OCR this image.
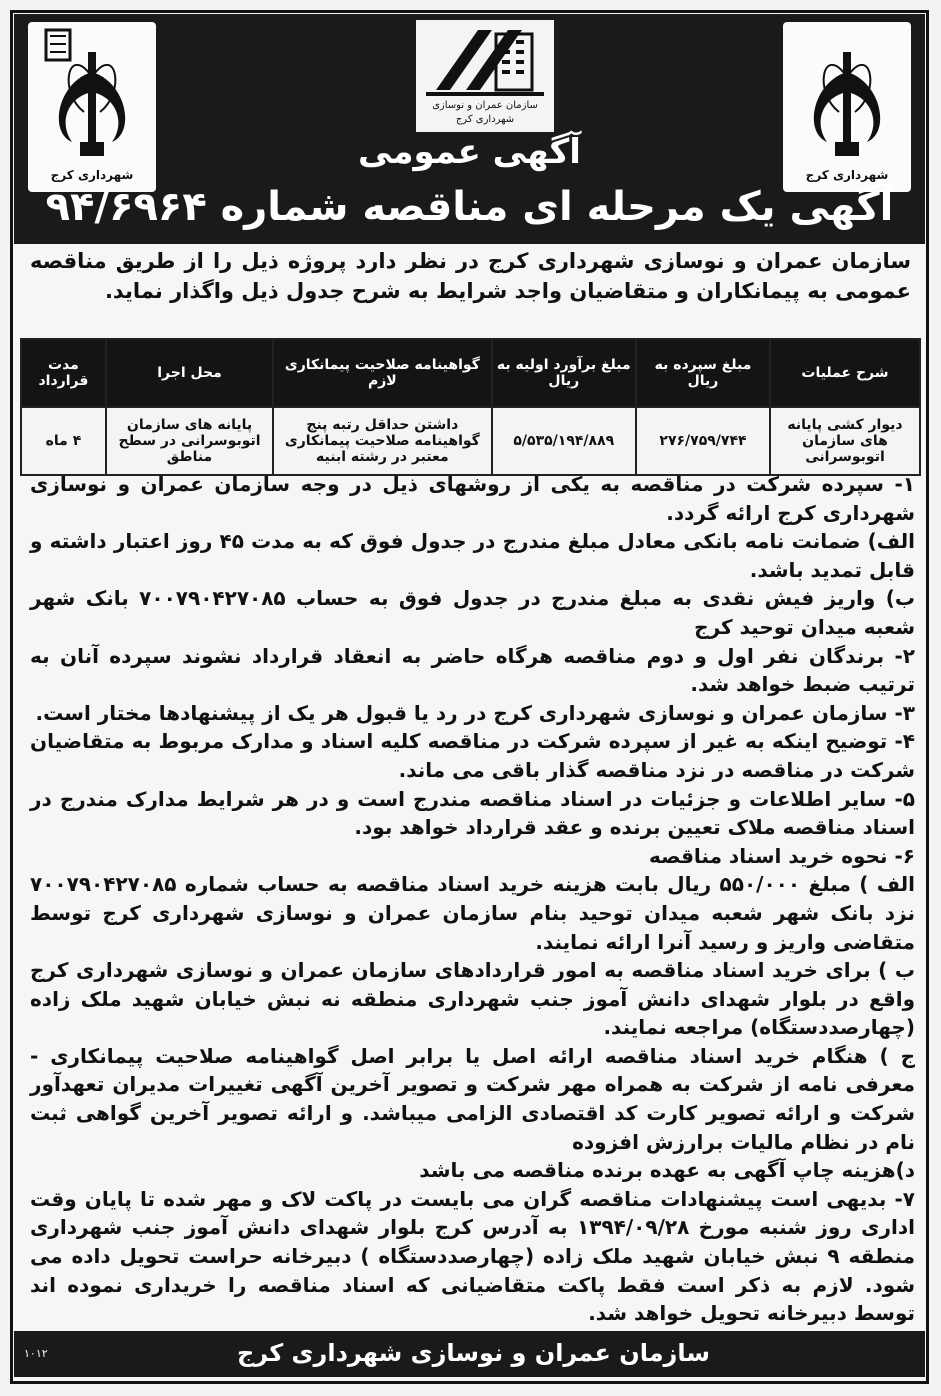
شهرداری کرج
سازمان عمران و نوسازی
شهرداری کرج
شهرداری کرج
آگهی عمومی
آگهی یک مرحله ای مناقصه شماره ۹۴/۶۹۶۴
سازمان عمران و نوسازی شهرداری کرج در نظر دارد پروژه ذیل را از طریق مناقصه عمومی به پیمانکاران و متقاضیان واجد شرایط به شرح جدول ذیل واگذار نماید.
شرح عملیات	مبلغ سپرده به ریال	مبلغ برآورد اولیه به ریال	گواهینامه صلاحیت پیمانکاری لازم	محل اجرا	مدت قرارداد
دیوار کشی پایانه های سازمان اتوبوسرانی	۲۷۶/۷۵۹/۷۴۴	۵/۵۳۵/۱۹۴/۸۸۹	داشتن حداقل رتبه پنج گواهینامه صلاحیت پیمانکاری معتبر در رشته ابنیه	پایانه های سازمان اتوبوسرانی در سطح مناطق	۴ ماه

۱- سپرده شرکت در مناقصه به یکی از روشهای ذیل در وجه سازمان عمران و نوسازی شهرداری کرج ارائه گردد.

الف) ضمانت نامه بانکی معادل مبلغ مندرج در جدول فوق که به مدت ۴۵ روز اعتبار داشته و قابل تمدید باشد.

ب) واریز فیش نقدی به مبلغ مندرج در جدول فوق به حساب ۷۰۰۷۹۰۴۲۷۰۸۵ بانک شهر شعبه میدان توحید کرج

۲- برندگان نفر اول و دوم مناقصه هرگاه حاضر به انعقاد قرارداد نشوند سپرده آنان به ترتیب ضبط خواهد شد.

۳- سازمان عمران و نوسازی شهرداری کرج در رد یا قبول هر یک از پیشنهادها مختار است.

۴- توضیح اینکه به غیر از سپرده شرکت در مناقصه کلیه اسناد و مدارک مربوط به متقاضیان شرکت در مناقصه در نزد مناقصه گذار باقی می ماند.

۵- سایر اطلاعات و جزئیات در اسناد مناقصه مندرج است و در هر شرایط مدارک مندرج در اسناد مناقصه ملاک تعیین برنده و عقد قرارداد خواهد بود.

۶- نحوه خرید اسناد مناقصه

الف ) مبلغ ۵۵۰/۰۰۰ ریال بابت هزینه خرید اسناد مناقصه به حساب شماره ۷۰۰۷۹۰۴۲۷۰۸۵ نزد بانک شهر شعبه میدان توحید بنام سازمان عمران و نوسازی شهرداری کرج توسط متقاضی واریز و رسید آنرا ارائه نمایند.

ب ) برای خرید اسناد مناقصه به امور قراردادهای سازمان عمران و نوسازی شهرداری کرج واقع در بلوار شهدای دانش آموز جنب شهرداری منطقه نه نبش خیابان شهید ملک زاده (چهارصددستگاه) مراجعه نمایند.

ج ) هنگام خرید اسناد مناقصه ارائه اصل یا برابر اصل گواهینامه صلاحیت پیمانکاری - معرفی نامه از شرکت به همراه مهر شرکت و تصویر آخرین آگهی تغییرات مدیران تعهدآور شرکت و ارائه تصویر کارت کد اقتصادی الزامی میباشد. و ارائه تصویر آخرین گواهی ثبت نام در نظام مالیات برارزش افزوده

د)هزینه چاپ آگهی به عهده برنده مناقصه می باشد

۷- بدیهی است پیشنهادات مناقصه گران می بایست در پاکت لاک و مهر شده تا پایان وقت اداری روز شنبه مورخ ۱۳۹۴/۰۹/۲۸ به آدرس کرج بلوار شهدای دانش آموز جنب شهرداری منطقه ۹ نبش خیابان شهید ملک زاده (چهارصددستگاه ) دبیرخانه حراست تحویل داده می شود. لازم به ذکر است فقط پاکت متقاضیانی که اسناد مناقصه را خریداری نموده اند توسط دبیرخانه تحویل خواهد شد.

۱۰۱۲	سازمان عمران و نوسازی شهرداری کرج
